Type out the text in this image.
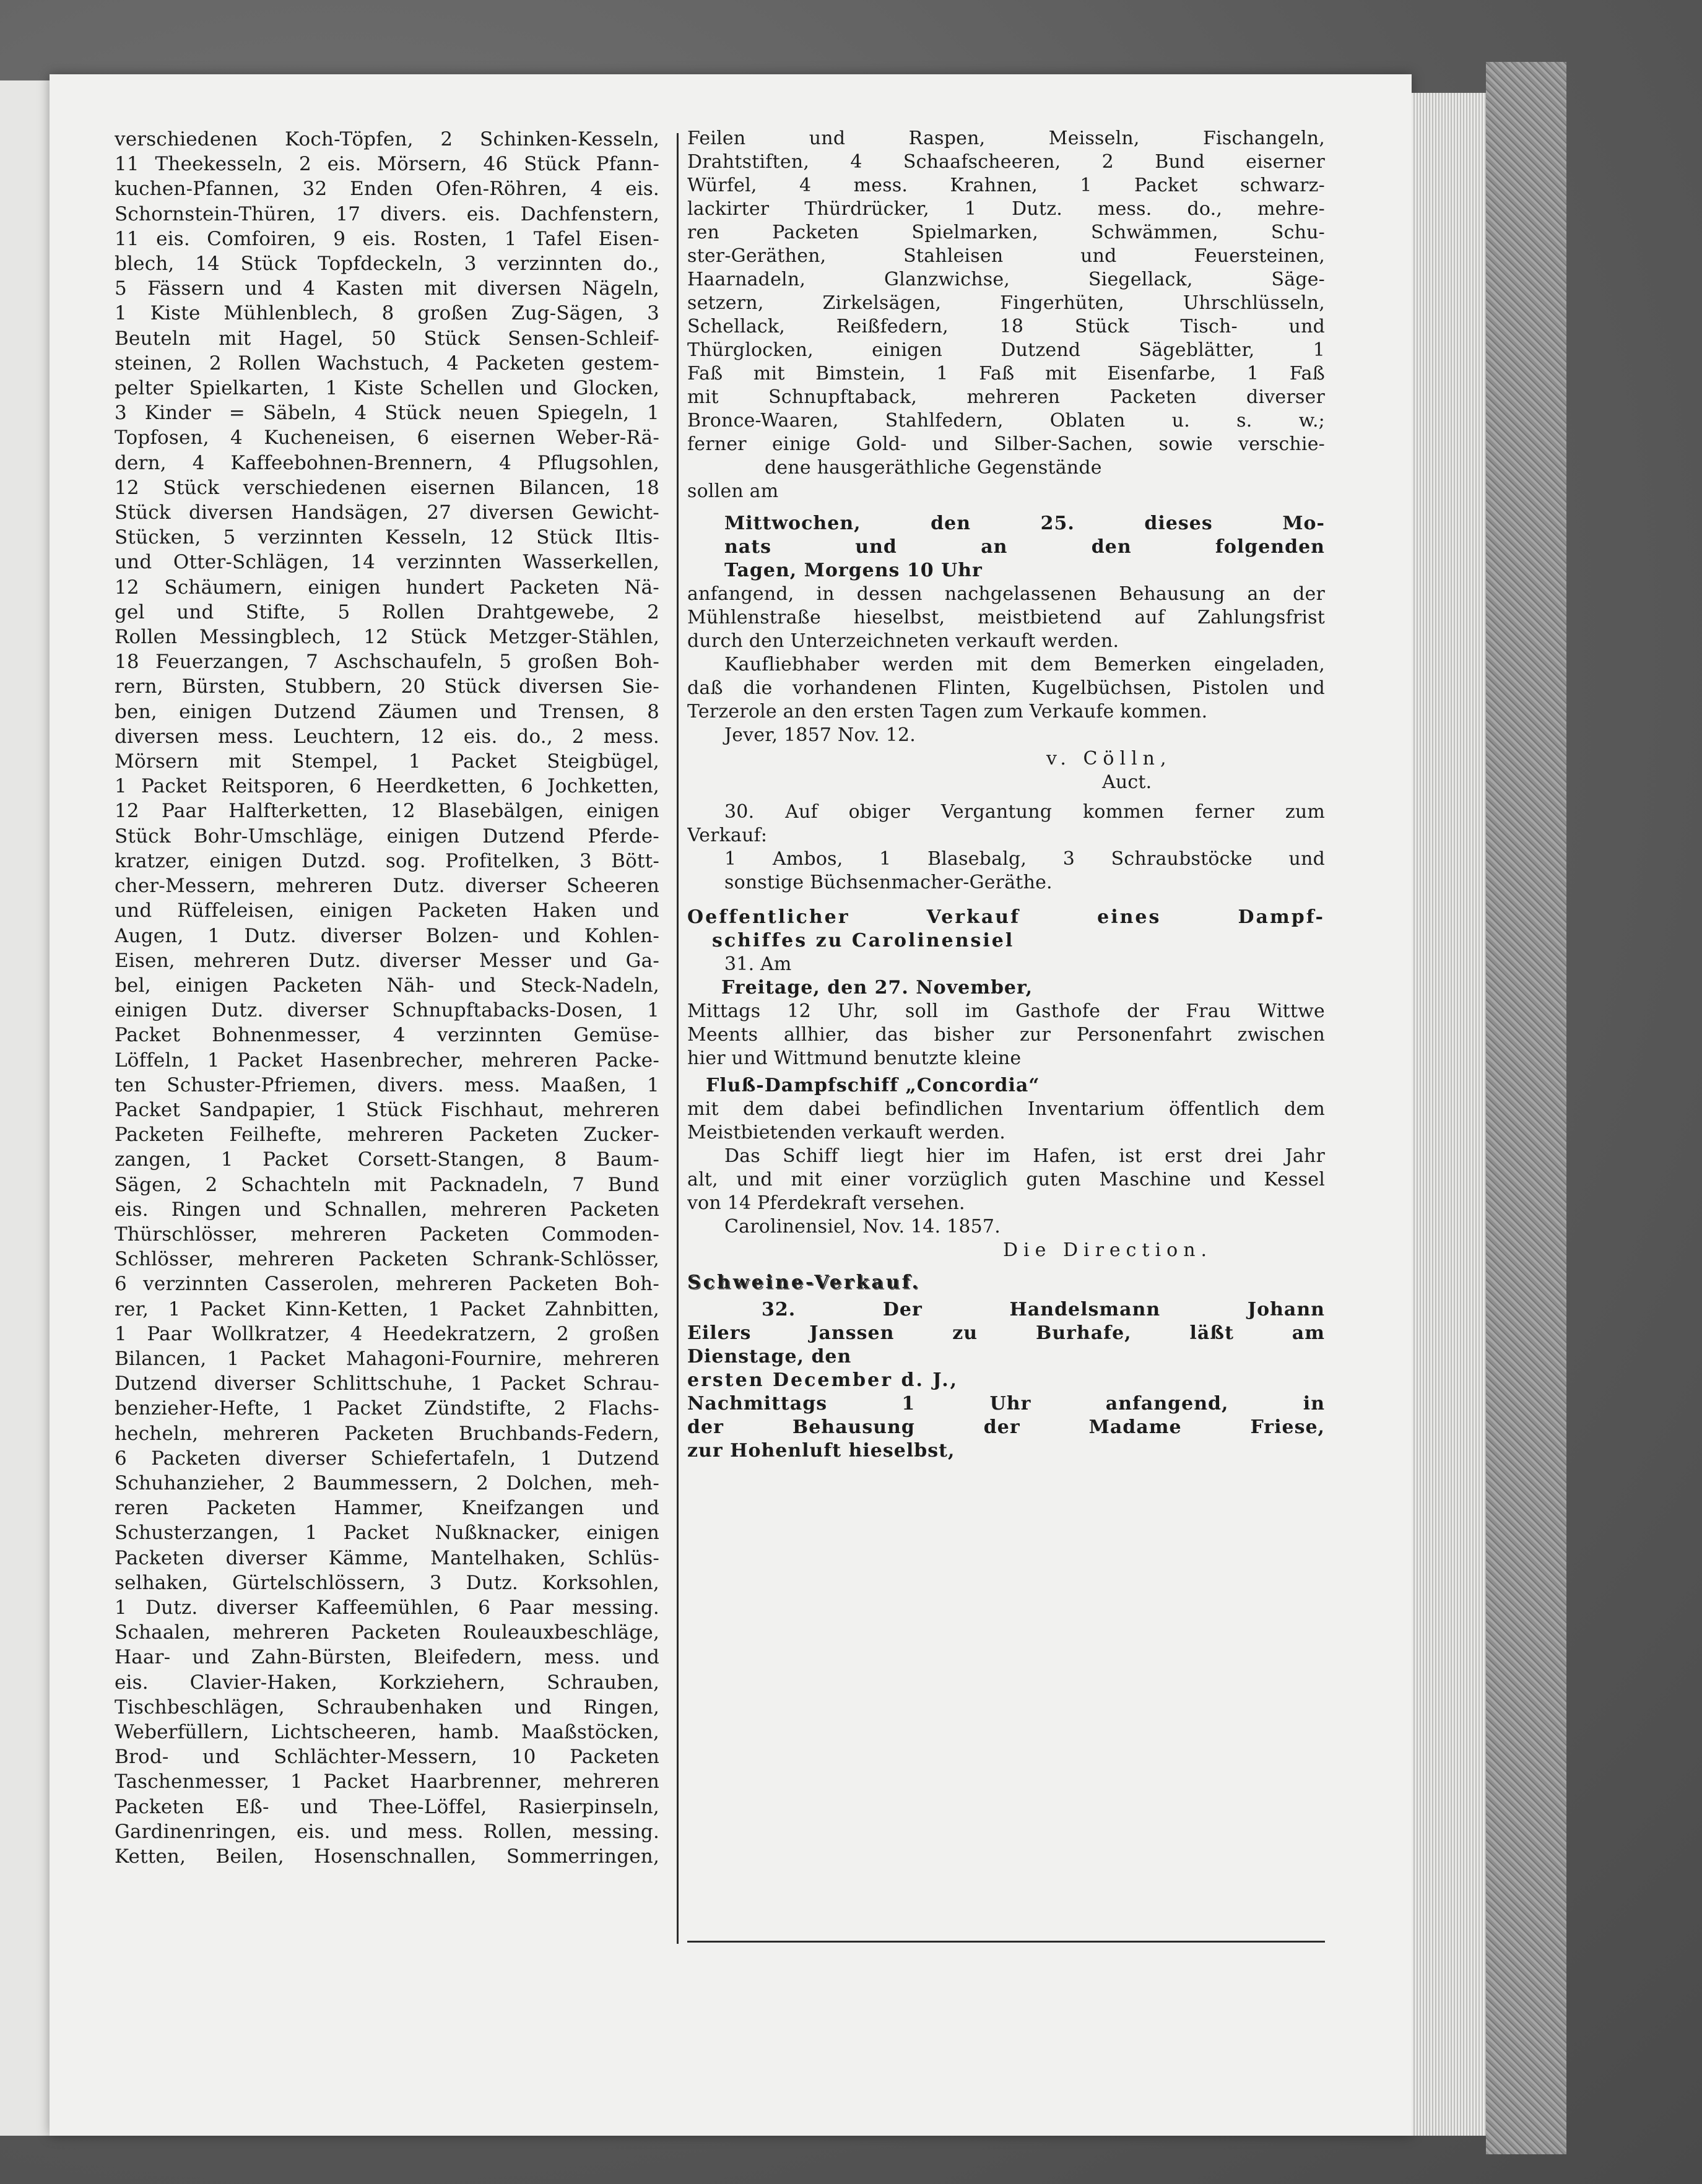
verschiedenen Koch-Töpfen, 2 Schinken-Kesseln,
11 Theekesseln, 2 eis. Mörsern, 46 Stück Pfann-
kuchen-Pfannen, 32 Enden Ofen-Röhren, 4 eis.
Schornstein-Thüren, 17 divers. eis. Dachfenstern,
11 eis. Comfoiren, 9 eis. Rosten, 1 Tafel Eisen-
blech, 14 Stück Topfdeckeln, 3 verzinnten do.,
5 Fässern und 4 Kasten mit diversen Nägeln,
1 Kiste Mühlenblech, 8 großen Zug-Sägen, 3
Beuteln mit Hagel, 50 Stück Sensen-Schleif-
steinen, 2 Rollen Wachstuch, 4 Packeten gestem-
pelter Spielkarten, 1 Kiste Schellen und Glocken,
3 Kinder = Säbeln, 4 Stück neuen Spiegeln, 1
Topfosen, 4 Kucheneisen, 6 eisernen Weber-Rä-
dern, 4 Kaffeebohnen-Brennern, 4 Pflugsohlen,
12 Stück verschiedenen eisernen Bilancen, 18
Stück diversen Handsägen, 27 diversen Gewicht-
Stücken, 5 verzinnten Kesseln, 12 Stück Iltis-
und Otter-Schlägen, 14 verzinnten Wasserkellen,
12 Schäumern, einigen hundert Packeten Nä-
gel und Stifte, 5 Rollen Drahtgewebe, 2
Rollen Messingblech, 12 Stück Metzger-Stählen,
18 Feuerzangen, 7 Aschschaufeln, 5 großen Boh-
rern, Bürsten, Stubbern, 20 Stück diversen Sie-
ben, einigen Dutzend Zäumen und Trensen, 8
diversen mess. Leuchtern, 12 eis. do., 2 mess.
Mörsern mit Stempel, 1 Packet Steigbügel,
1 Packet Reitsporen, 6 Heerdketten, 6 Jochketten,
12 Paar Halfterketten, 12 Blasebälgen, einigen
Stück Bohr-Umschläge, einigen Dutzend Pferde-
kratzer, einigen Dutzd. sog. Profitelken, 3 Bött-
cher-Messern, mehreren Dutz. diverser Scheeren
und Rüffeleisen, einigen Packeten Haken und
Augen, 1 Dutz. diverser Bolzen- und Kohlen-
Eisen, mehreren Dutz. diverser Messer und Ga-
bel, einigen Packeten Näh- und Steck-Nadeln,
einigen Dutz. diverser Schnupftabacks-Dosen, 1
Packet Bohnenmesser, 4 verzinnten Gemüse-
Löffeln, 1 Packet Hasenbrecher, mehreren Packe-
ten Schuster-Pfriemen, divers. mess. Maaßen, 1
Packet Sandpapier, 1 Stück Fischhaut, mehreren
Packeten Feilhefte, mehreren Packeten Zucker-
zangen, 1 Packet Corsett-Stangen, 8 Baum-
Sägen, 2 Schachteln mit Packnadeln, 7 Bund
eis. Ringen und Schnallen, mehreren Packeten
Thürschlösser, mehreren Packeten Commoden-
Schlösser, mehreren Packeten Schrank-Schlösser,
6 verzinnten Casserolen, mehreren Packeten Boh-
rer, 1 Packet Kinn-Ketten, 1 Packet Zahnbitten,
1 Paar Wollkratzer, 4 Heedekratzern, 2 großen
Bilancen, 1 Packet Mahagoni-Fournire, mehreren
Dutzend diverser Schlittschuhe, 1 Packet Schrau-
benzieher-Hefte, 1 Packet Zündstifte, 2 Flachs-
hecheln, mehreren Packeten Bruchbands-Federn,
6 Packeten diverser Schiefertafeln, 1 Dutzend
Schuhanzieher, 2 Baummessern, 2 Dolchen, meh-
reren Packeten Hammer, Kneifzangen und
Schusterzangen, 1 Packet Nußknacker, einigen
Packeten diverser Kämme, Mantelhaken, Schlüs-
selhaken, Gürtelschlössern, 3 Dutz. Korksohlen,
1 Dutz. diverser Kaffeemühlen, 6 Paar messing.
Schaalen, mehreren Packeten Rouleauxbeschläge,
Haar- und Zahn-Bürsten, Bleifedern, mess. und
eis. Clavier-Haken, Korkziehern, Schrauben,
Tischbeschlägen, Schraubenhaken und Ringen,
Weberfüllern, Lichtscheeren, hamb. Maaßstöcken,
Brod- und Schlächter-Messern, 10 Packeten
Taschenmesser, 1 Packet Haarbrenner, mehreren
Packeten Eß- und Thee-Löffel, Rasierpinseln,
Gardinenringen, eis. und mess. Rollen, messing.
Ketten, Beilen, Hosenschnallen, Sommerringen,
Feilen und Raspen, Meisseln, Fischangeln,
Drahtstiften, 4 Schaafscheeren, 2 Bund eiserner
Würfel, 4 mess. Krahnen, 1 Packet schwarz-
lackirter Thürdrücker, 1 Dutz. mess. do., mehre-
ren Packeten Spielmarken, Schwämmen, Schu-
ster-Geräthen, Stahleisen und Feuersteinen,
Haarnadeln, Glanzwichse, Siegellack, Säge-
setzern, Zirkelsägen, Fingerhüten, Uhrschlüsseln,
Schellack, Reißfedern, 18 Stück Tisch- und
Thürglocken, einigen Dutzend Sägeblätter, 1
Faß mit Bimstein, 1 Faß mit Eisenfarbe, 1 Faß
mit Schnupftaback, mehreren Packeten diverser
Bronce-Waaren, Stahlfedern, Oblaten u. s. w.;
ferner einige Gold- und Silber-Sachen, sowie verschie-
dene hausgeräthliche Gegenstände
sollen am
Mittwochen, den 25. dieses Mo-
nats und an den folgenden
Tagen, Morgens 10 Uhr
anfangend, in dessen nachgelassenen Behausung an der
Mühlenstraße hieselbst, meistbietend auf Zahlungsfrist
durch den Unterzeichneten verkauft werden.
Kaufliebhaber werden mit dem Bemerken eingeladen,
daß die vorhandenen Flinten, Kugelbüchsen, Pistolen und
Terzerole an den ersten Tagen zum Verkaufe kommen.
Jever, 1857 Nov. 12.
v. Cölln,
Auct.
30. Auf obiger Vergantung kommen ferner zum
Verkauf:
1 Ambos, 1 Blasebalg, 3 Schraubstöcke und
sonstige Büchsenmacher-Geräthe.
Oeffentlicher Verkauf eines Dampf-
schiffes zu Carolinensiel
31. Am
Freitage, den 27. November,
Mittags 12 Uhr, soll im Gasthofe der Frau Wittwe
Meents allhier, das bisher zur Personenfahrt zwischen
hier und Wittmund benutzte kleine
Fluß-Dampfschiff „Concordia“
mit dem dabei befindlichen Inventarium öffentlich dem
Meistbietenden verkauft werden.
Das Schiff liegt hier im Hafen, ist erst drei Jahr
alt, und mit einer vorzüglich guten Maschine und Kessel
von 14 Pferdekraft versehen.
Carolinensiel, Nov. 14. 1857.
Die Direction.
Schweine-Verkauf.
32. Der Handelsmann Johann
Eilers Janssen zu Burhafe, läßt am
Dienstage, den
ersten December d. J.,
Nachmittags 1 Uhr anfangend, in
der Behausung der Madame Friese,
zur Hohenluft hieselbst,
